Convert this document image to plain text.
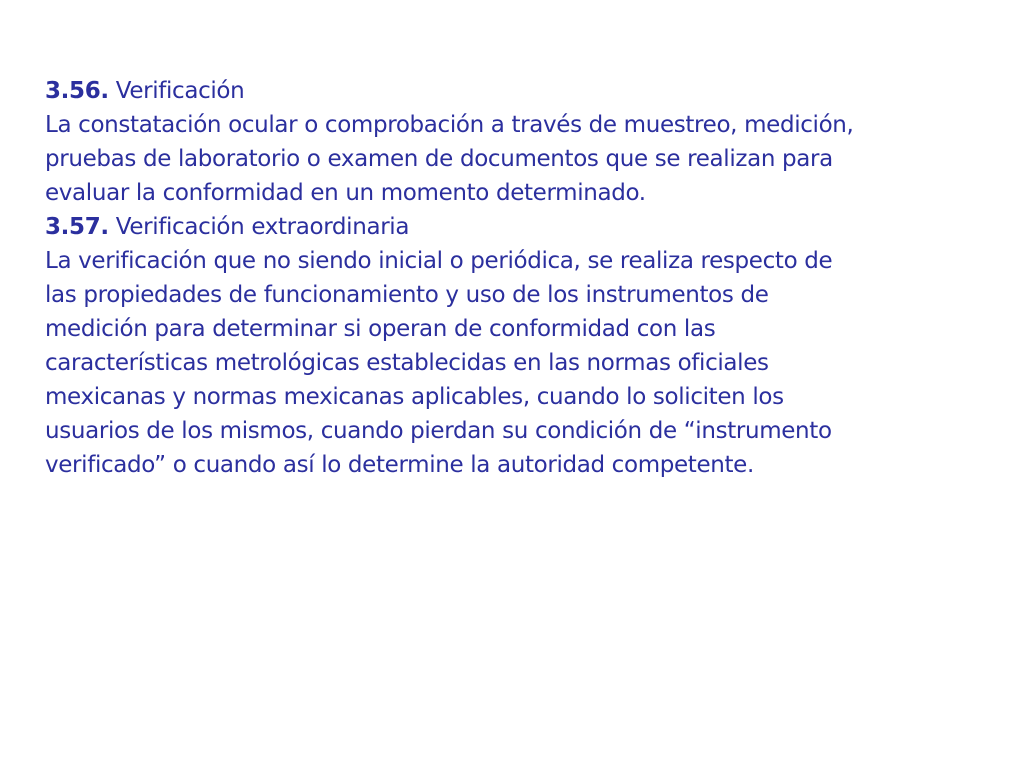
3.56. Verificación

La constatación ocular o comprobación a través de muestreo, medición,
pruebas de laboratorio o examen de documentos que se realizan para
evaluar la conformidad en un momento determinado.

3.57. Verificación extraordinaria

La verificación que no siendo inicial o periódica, se realiza respecto de
las propiedades de funcionamiento y uso de los instrumentos de
medición para determinar si operan de conformidad con las
características metrológicas establecidas en las normas oficiales
mexicanas y normas mexicanas aplicables, cuando lo soliciten los
usuarios de los mismos, cuando pierdan su condición de “instrumento
verificado” o cuando así lo determine la autoridad competente.
